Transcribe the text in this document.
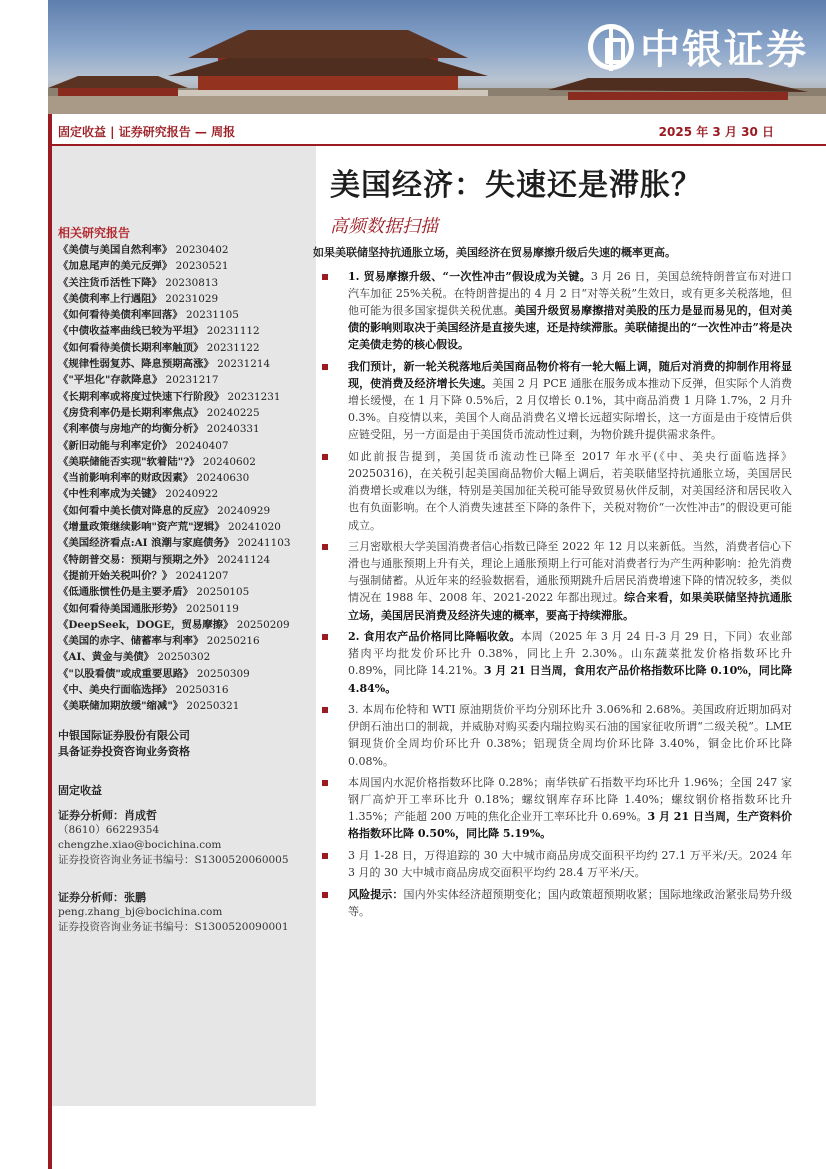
中银证券
固定收益 | 证券研究报告 — 周报	2025 年 3 月 30 日
相关研究报告
《美债与美国自然利率》 20230402
《加息尾声的美元反弹》 20230521
《关注货币活性下降》 20230813
《美债利率上行遇阻》 20231029
《如何看待美债利率回落》 20231105
《中债收益率曲线已较为平坦》 20231112
《如何看待美债长期利率触顶》 20231122
《规律性弱复苏、降息预期高涨》 20231214
《"平坦化"存款降息》 20231217
《长期利率或将度过快速下行阶段》 20231231
《房贷利率仍是长期利率焦点》 20240225
《利率债与房地产的均衡分析》 20240331
《新旧动能与利率定价》 20240407
《美联储能否实现"软着陆"?》 20240602
《当前影响利率的财政因素》 20240630
《中性利率成为关键》 20240922
《如何看中美长债对降息的反应》 20240929
《增量政策继续影响"资产荒"逻辑》 20241020
《美国经济看点:AI 浪潮与家庭债务》 20241103
《特朗普交易：预期与预期之外》 20241124
《提前开始关税叫价？》 20241207
《低通胀惯性仍是主要矛盾》 20250105
《如何看待美国通胀形势》 20250119
《DeepSeek，DOGE，贸易摩擦》 20250209
《美国的赤字、储蓄率与利率》 20250216
《AI、黄金与美债》 20250302
《"以股看债"或成重要思路》 20250309
《中、美央行面临选择》 20250316
《美联储加期放缓"缩减"》 20250321
中银国际证券股份有限公司
具备证券投资咨询业务资格
固定收益
证券分析师：肖成哲
（8610）66229354
chengzhe.xiao@bocichina.com
证券投资咨询业务证书编号：S1300520060005
证券分析师：张鹏
peng.zhang_bj@bocichina.com
证券投资咨询业务证书编号：S1300520090001
美国经济：失速还是滞胀？
高频数据扫描
如果美联储坚持抗通胀立场，美国经济在贸易摩擦升级后失速的概率更高。
1. 贸易摩擦升级、“一次性冲击”假设成为关键。3 月 26 日，美国总统特朗普宣布对进口汽车加征 25%关税。在特朗普提出的 4 月 2 日“对等关税”生效日，或有更多关税落地，但他可能为很多国家提供关税优惠。美国升级贸易摩擦措对美股的压力是显而易见的，但对美债的影响则取决于美国经济是直接失速，还是持续滞胀。美联储提出的“一次性冲击”将是决定美债走势的核心假设。
我们预计，新一轮关税落地后美国商品物价将有一轮大幅上调，随后对消费的抑制作用将显现，使消费及经济增长失速。美国 2 月 PCE 通胀在服务成本推动下反弹，但实际个人消费增长缓慢，在 1 月下降 0.5%后，2 月仅增长 0.1%，其中商品消费 1 月降 1.7%，2 月升 0.3%。自疫情以来，美国个人商品消费名义增长远超实际增长，这一方面是由于疫情后供应链受阻，另一方面是由于美国货币流动性过剩，为物价跳升提供需求条件。
如此前报告提到，美国货币流动性已降至 2017 年水平(《中、美央行面临选择》20250316)，在关税引起美国商品物价大幅上调后，若美联储坚持抗通胀立场，美国居民消费增长或难以为继，特别是美国加征关税可能导致贸易伙伴反制，对美国经济和居民收入也有负面影响。在个人消费失速甚至下降的条件下，关税对物价“一次性冲击”的假设更可能成立。
三月密歇根大学美国消费者信心指数已降至 2022 年 12 月以来新低。当然，消费者信心下滑也与通胀预期上升有关，理论上通胀预期上行可能对消费者行为产生两种影响：抢先消费与强制储蓄。从近年来的经验数据看，通胀预期跳升后居民消费增速下降的情况较多，类似情况在 1988 年、2008 年、2021-2022 年都出现过。综合来看，如果美联储坚持抗通胀立场，美国居民消费及经济失速的概率，要高于持续滞胀。
2. 食用农产品价格同比降幅收敛。本周（2025 年 3 月 24 日-3 月 29 日，下同）农业部猪肉平均批发价环比升 0.38%，同比上升 2.30%。山东蔬菜批发价格指数环比升 0.89%，同比降 14.21%。3 月 21 日当周，食用农产品价格指数环比降 0.10%，同比降 4.84%。
3. 本周布伦特和 WTI 原油期货价平均分别环比升 3.06%和 2.68%。美国政府近期加码对伊朗石油出口的制裁，并威胁对购买委内瑞拉购买石油的国家征收所谓“二级关税”。LME 铜现货价全周均价环比升 0.38%；铝现货全周均价环比降 3.40%，铜金比价环比降 0.08%。
本周国内水泥价格指数环比降 0.28%；南华铁矿石指数平均环比升 1.96%；全国 247 家钢厂高炉开工率环比升 0.18%；螺纹钢库存环比降 1.40%；螺纹钢价格指数环比升 1.35%；产能超 200 万吨的焦化企业开工率环比升 0.69%。3 月 21 日当周，生产资料价格指数环比降 0.50%，同比降 5.19%。
3 月 1-28 日，万得追踪的 30 大中城市商品房成交面积平均约 27.1 万平米/天。2024 年 3 月的 30 大中城市商品房成交面积平均约 28.4 万平米/天。
风险提示：国内外实体经济超预期变化；国内政策超预期收紧；国际地缘政治紧张局势升级等。
